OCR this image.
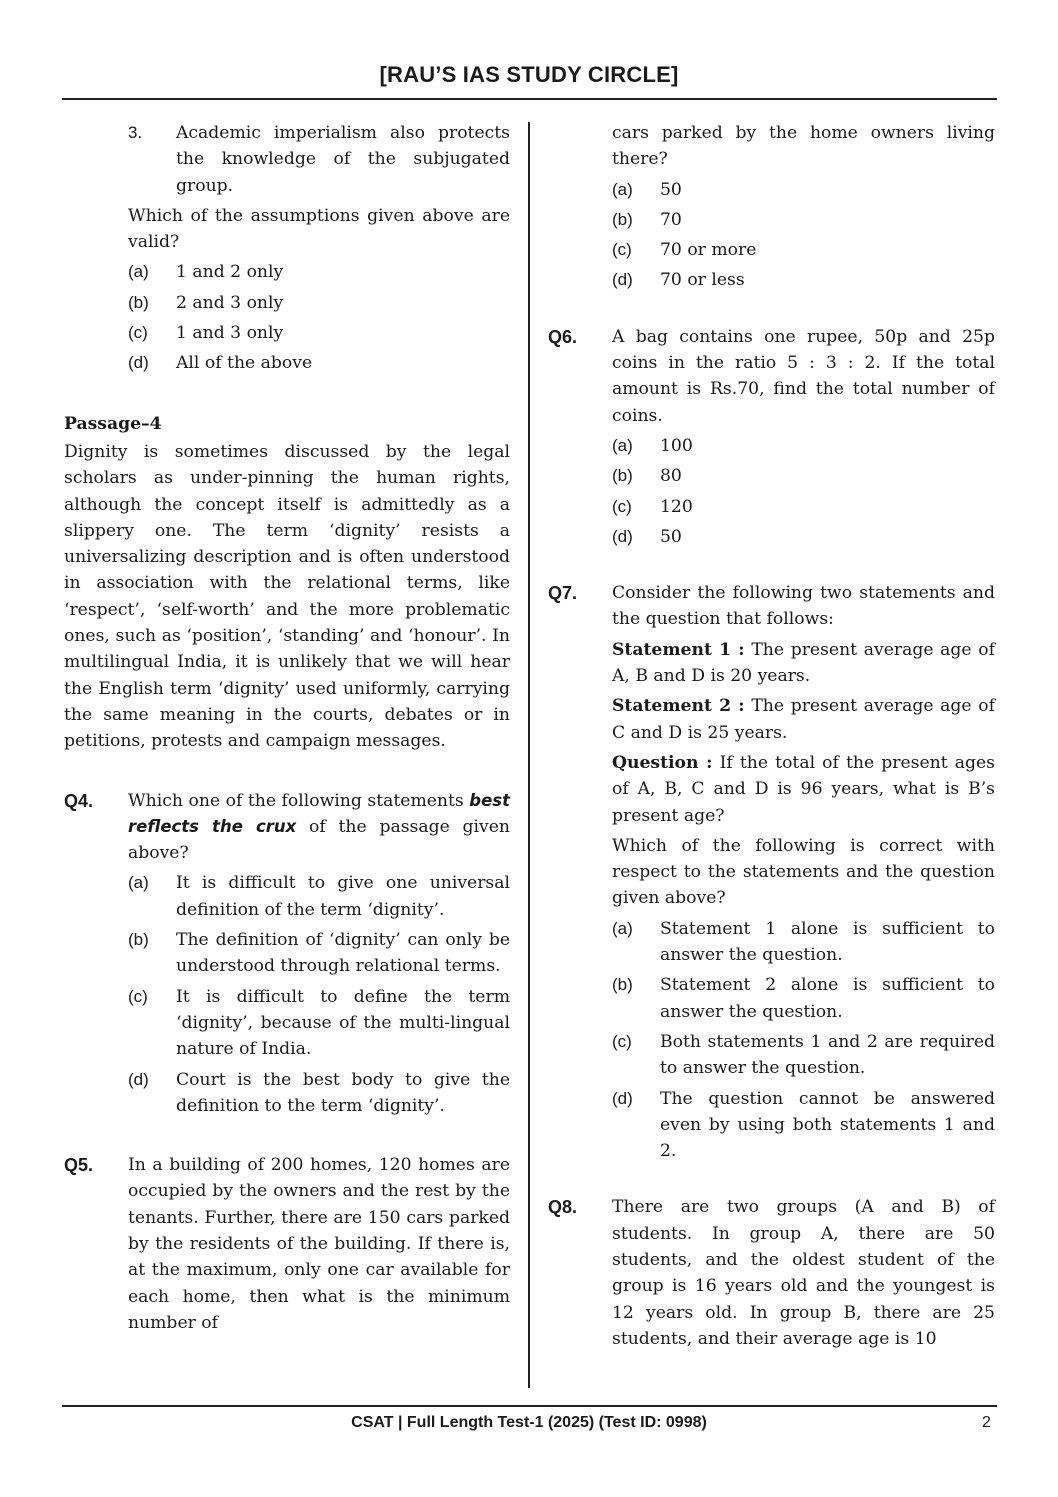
[RAU’S IAS STUDY CIRCLE]
3.	Academic imperialism also protects the knowledge of the subjugated group.

Which of the assumptions given above are valid?

(a)	1 and 2 only
(b)	2 and 3 only
(c)	1 and 3 only
(d)	All of the above

Passage–4

Dignity is sometimes discussed by the legal scholars as under-pinning the human rights, although the concept itself is admittedly as a slippery one. The term ‘dignity’ resists a universalizing description and is often understood in association with the relational terms, like ‘respect’, ‘self-worth’ and the more problematic ones, such as ‘position’, ‘standing’ and ‘honour’. In multilingual India, it is unlikely that we will hear the English term ‘dignity’ used uniformly, carrying the same meaning in the courts, debates or in petitions, protests and campaign messages.

Q4.	Which one of the following statements best reflects the crux of the passage given above?

(a)	It is difficult to give one universal definition of the term ‘dignity’.
(b)	The definition of ‘dignity’ can only be understood through relational terms.
(c)	It is difficult to define the term ‘dignity’, because of the multi-lingual nature of India.
(d)	Court is the best body to give the definition to the term ‘dignity’.
Q5.	In a building of 200 homes, 120 homes are occupied by the owners and the rest by the tenants. Further, there are 150 cars parked by the residents of the building. If there is, at the maximum, only one car available for each home, then what is the minimum number of

cars parked by the home owners living there?

(a)	50
(b)	70
(c)	70 or more
(d)	70 or less
Q6.	A bag contains one rupee, 50p and 25p coins in the ratio 5 : 3 : 2. If the total amount is Rs.70, find the total number of coins.

(a)	100
(b)	80
(c)	120
(d)	50
Q7.	Consider the following two statements and the question that follows:

Statement 1 : The present average age of A, B and D is 20 years.

Statement 2 : The present average age of C and D is 25 years.

Question : If the total of the present ages of A, B, C and D is 96 years, what is B’s present age?

Which of the following is correct with respect to the statements and the question given above?

(a)	Statement 1 alone is sufficient to answer the question.
(b)	Statement 2 alone is sufficient to answer the question.
(c)	Both statements 1 and 2 are required to answer the question.
(d)	The question cannot be answered even by using both statements 1 and 2.
Q8.	There are two groups (A and B) of students. In group A, there are 50 students, and the oldest student of the group is 16 years old and the youngest is 12 years old. In group B, there are 25 students, and their average age is 10

CSAT | Full Length Test-1 (2025) (Test ID: 0998)	2
